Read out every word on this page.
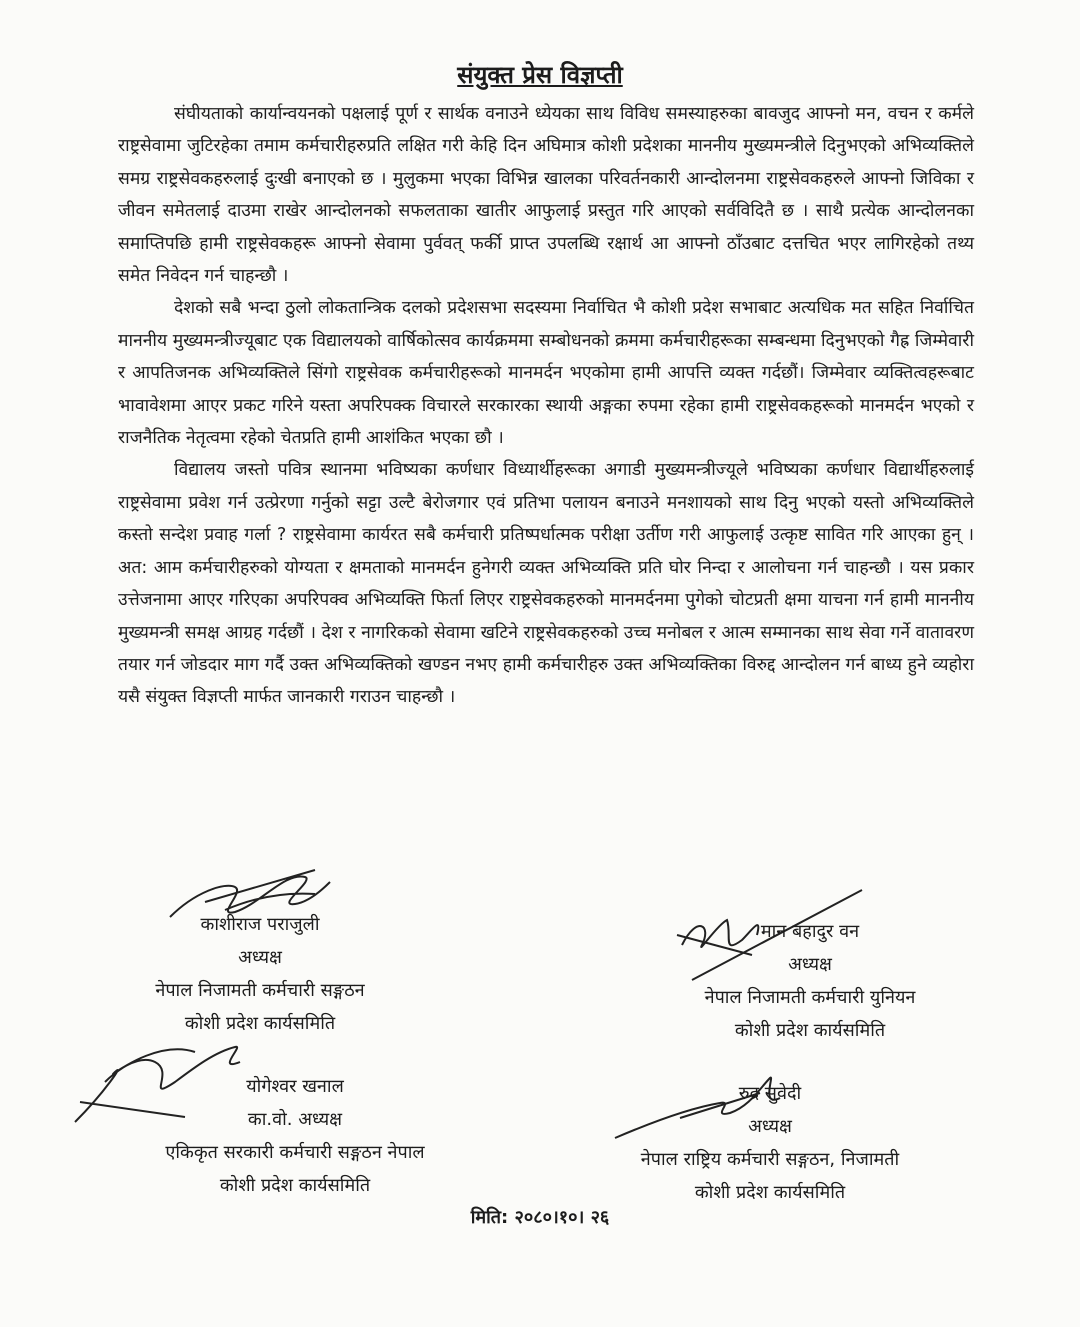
संयुक्त प्रेस विज्ञप्ती

संघीयताको कार्यान्वयनको पक्षलाई पूर्ण र सार्थक वनाउने ध्येयका साथ विविध समस्याहरुका बावजुद आफ्नो मन, वचन र कर्मले राष्ट्रसेवामा जुटिरहेका तमाम कर्मचारीहरुप्रति लक्षित गरी केहि दिन अघिमात्र कोशी प्रदेशका माननीय मुख्यमन्त्रीले दिनुभएको अभिव्यक्तिले समग्र राष्ट्रसेवकहरुलाई दुःखी बनाएको छ । मुलुकमा भएका विभिन्न खालका परिवर्तनकारी आन्दोलनमा राष्ट्रसेवकहरुले आफ्नो जिविका र जीवन समेतलाई दाउमा राखेर आन्दोलनको सफलताका खातीर आफुलाई प्रस्तुत गरि आएको सर्वविदितै छ । साथै प्रत्येक आन्दोलनका समाप्तिपछि हामी राष्ट्रसेवकहरू आफ्नो सेवामा पुर्ववत् फर्की प्राप्त उपलब्धि रक्षार्थ आ आफ्नो ठाँउबाट दत्तचित भएर लागिरहेको तथ्य समेत निवेदन गर्न चाहन्छौ ।

देशको सबै भन्दा ठुलो लोकतान्त्रिक दलको प्रदेशसभा सदस्यमा निर्वाचित भै कोशी प्रदेश सभाबाट अत्यधिक मत सहित निर्वाचित माननीय मुख्यमन्त्रीज्यूबाट एक विद्यालयको वार्षिकोत्सव कार्यक्रममा सम्बोधनको क्रममा कर्मचारीहरूका सम्बन्धमा दिनुभएको गैह्र जिम्मेवारी र आपतिजनक अभिव्यक्तिले सिंगो राष्ट्रसेवक कर्मचारीहरूको मानमर्दन भएकोमा हामी आपत्ति व्यक्त गर्दछौं। जिम्मेवार व्यक्तित्वहरूबाट भावावेशमा आएर प्रकट गरिने यस्ता अपरिपक्क विचारले सरकारका स्थायी अङ्गका रुपमा रहेका हामी राष्ट्रसेवकहरूको मानमर्दन भएको र राजनैतिक नेतृत्वमा रहेको चेतप्रति हामी आशंकित भएका छौ ।

विद्यालय जस्तो पवित्र स्थानमा भविष्यका कर्णधार विध्यार्थीहरूका अगाडी मुख्यमन्त्रीज्यूले भविष्यका कर्णधार विद्यार्थीहरुलाई राष्ट्रसेवामा प्रवेश गर्न उत्प्रेरणा गर्नुको सट्टा उल्टै बेरोजगार एवं प्रतिभा पलायन बनाउने मनशायको साथ दिनु भएको यस्तो अभिव्यक्तिले कस्तो सन्देश प्रवाह गर्ला ? राष्ट्रसेवामा कार्यरत सबै कर्मचारी प्रतिष्पर्धात्मक परीक्षा उर्तीण गरी आफुलाई उत्कृष्ट सावित गरि आएका हुन् । अत: आम कर्मचारीहरुको योग्यता र क्षमताको मानमर्दन हुनेगरी व्यक्त अभिव्यक्ति प्रति घोर निन्दा र आलोचना गर्न चाहन्छौ । यस प्रकार उत्तेजनामा आएर गरिएका अपरिपक्व अभिव्यक्ति फिर्ता लिएर राष्ट्रसेवकहरुको मानमर्दनमा पुगेको चोटप्रती क्षमा याचना गर्न हामी माननीय मुख्यमन्त्री समक्ष आग्रह गर्दछौं । देश र नागरिकको सेवामा खटिने राष्ट्रसेवकहरुको उच्च मनोबल र आत्म सम्मानका साथ सेवा गर्ने वातावरण तयार गर्न जोडदार माग गर्दै उक्त अभिव्यक्तिको खण्डन नभए हामी कर्मचारीहरु उक्त अभिव्यक्तिका विरुद्द आन्दोलन गर्न बाध्य हुने व्यहोरा यसै संयुक्त विज्ञप्ती मार्फत जानकारी गराउन चाहन्छौ ।

काशीराज पराजुली
अध्यक्ष
नेपाल निजामती कर्मचारी सङ्गठन
कोशी प्रदेश कार्यसमिति
मान बहादुर वन
अध्यक्ष
नेपाल निजामती कर्मचारी युनियन
कोशी प्रदेश कार्यसमिति
योगेश्वर खनाल
का.वो. अध्यक्ष
एकिकृत सरकारी कर्मचारी सङ्गठन नेपाल
कोशी प्रदेश कार्यसमिति
रुद्र सुवेदी
अध्यक्ष
नेपाल राष्ट्रिय कर्मचारी सङ्गठन, निजामती
कोशी प्रदेश कार्यसमिति
मिति: २०८०।१०। २६
